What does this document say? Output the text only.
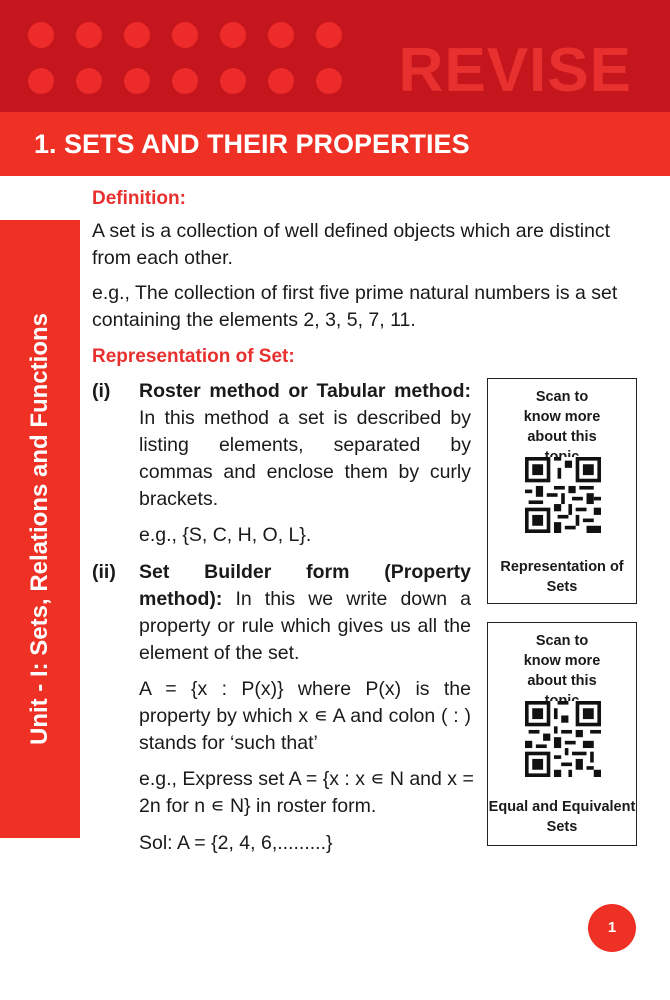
REVISE
1. SETS AND THEIR PROPERTIES
Unit - I: Sets, Relations and Functions
Definition:
A set is a collection of well defined objects which are distinct from each other.
e.g., The collection of first five prime natural numbers is a set containing the elements 2, 3, 5, 7, 11.
Representation of Set:
(i) Roster method or Tabular method: In this method a set is described by listing elements, separated by commas and enclose them by curly brackets.
e.g., {S, C, H, O, L}.
(ii) Set Builder form (Property method): In this we write down a property or rule which gives us all the element of the set.
A = {x : P(x)} where P(x) is the property by which x ∊ A and colon ( : ) stands for ‘such that’
e.g., Express set A = {x : x ∊ N and x = 2n for n ∊ N} in roster form.
Sol: A = {2, 4, 6,.........}
Scan to know more about this
Representation of Sets
Scan to know more about this
Equal and Equivalent Sets
1
